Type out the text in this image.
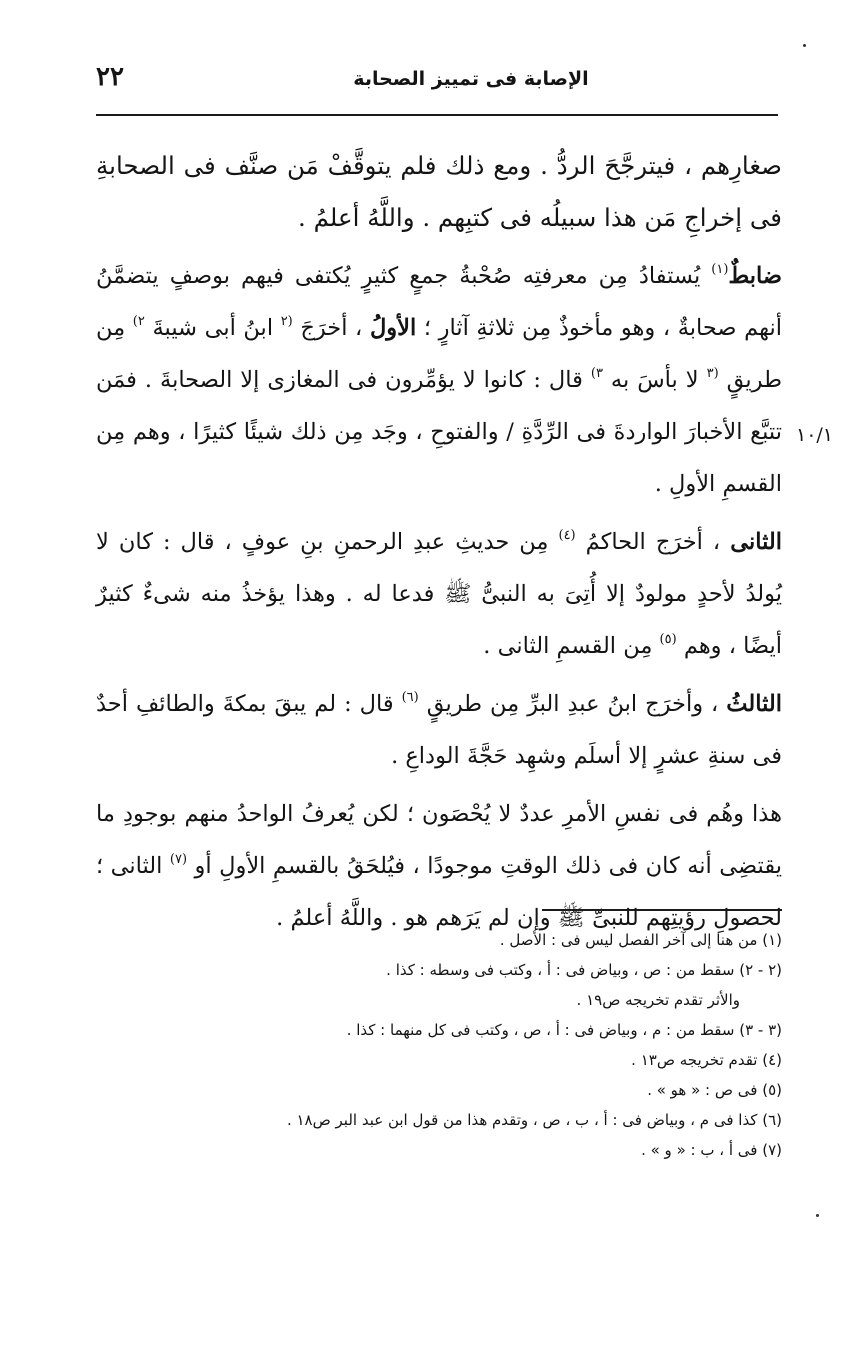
٢٢	الإصابة فى تمييز الصحابة
١٠/١

صغارِهم ، فيترجَّحَ الردُّ . ومع ذلك فلم يتوقَّفْ مَن صنَّف فى الصحابةِ فى إخراجِ مَن هذا سبيلُه فى كتبِهم . واللَّهُ أعلمُ .

ضابطٌ$^{(١)}$ يُستفادُ مِن معرفتِه صُحْبةُ جمعٍ كثيرٍ يُكتفى فيهم بوصفٍ يتضمَّنُ أنهم صحابةٌ ، وهو مأخوذٌ مِن ثلاثةِ آثارٍ ؛ الأولُ ، أخرَجَ $^{(٢}$ ابنُ أبى شيبةَ $^{٢)}$ مِن طريقٍ $^{(٣}$ لا بأسَ به $^{٣)}$ قال : كانوا لا يؤمِّرون فى المغازى إلا الصحابةَ . فمَن تتبَّع الأخبارَ الواردةَ فى الرِّدَّةِ / والفتوحِ ، وجَد مِن ذلك شيئًا كثيرًا ، وهم مِن القسمِ الأولِ .

الثانى ، أخرَج الحاكمُ $^{(٤)}$ مِن حديثِ عبدِ الرحمنِ بنِ عوفٍ ، قال : كان لا يُولدُ لأحدٍ مولودٌ إلا أُتِىَ به النبىُّ ﷺ فدعا له . وهذا يؤخذُ منه شىءٌ كثيرٌ أيضًا ، وهم $^{(٥)}$ مِن القسمِ الثانى .

الثالثُ ، وأخرَج ابنُ عبدِ البرِّ مِن طريقٍ $^{(٦)}$ قال : لم يبقَ بمكةَ والطائفِ أحدٌ فى سنةِ عشرٍ إلا أسلَم وشهِد حَجَّةَ الوداعِ .

هذا وهُم فى نفسِ الأمرِ عددٌ لا يُحْصَون ؛ لكن يُعرفُ الواحدُ منهم بوجودِ ما يقتضِى أنه كان فى ذلك الوقتِ موجودًا ، فيُلحَقُ بالقسمِ الأولِ أو $^{(٧)}$ الثانى ؛ لحصولِ رؤيتِهم للنبىِّ ﷺ وإن لم يَرَهم هو . واللَّهُ أعلمُ .

(١) من هنا إلى آخر الفصل ليس فى : الأصل .
(٢ - ٢) سقط من : ص ، وبياض فى : أ ، وكتب فى وسطه : كذا .
والأثر تقدم تخريجه ص١٩ .
(٣ - ٣) سقط من : م ، وبياض فى : أ ، ص ، وكتب فى كل منهما : كذا .
(٤) تقدم تخريجه ص١٣ .
(٥) فى ص : « هو » .
(٦) كذا فى م ، وبياض فى : أ ، ب ، ص ، وتقدم هذا من قول ابن عبد البر ص١٨ .
(٧) فى أ ، ب : « و » .
